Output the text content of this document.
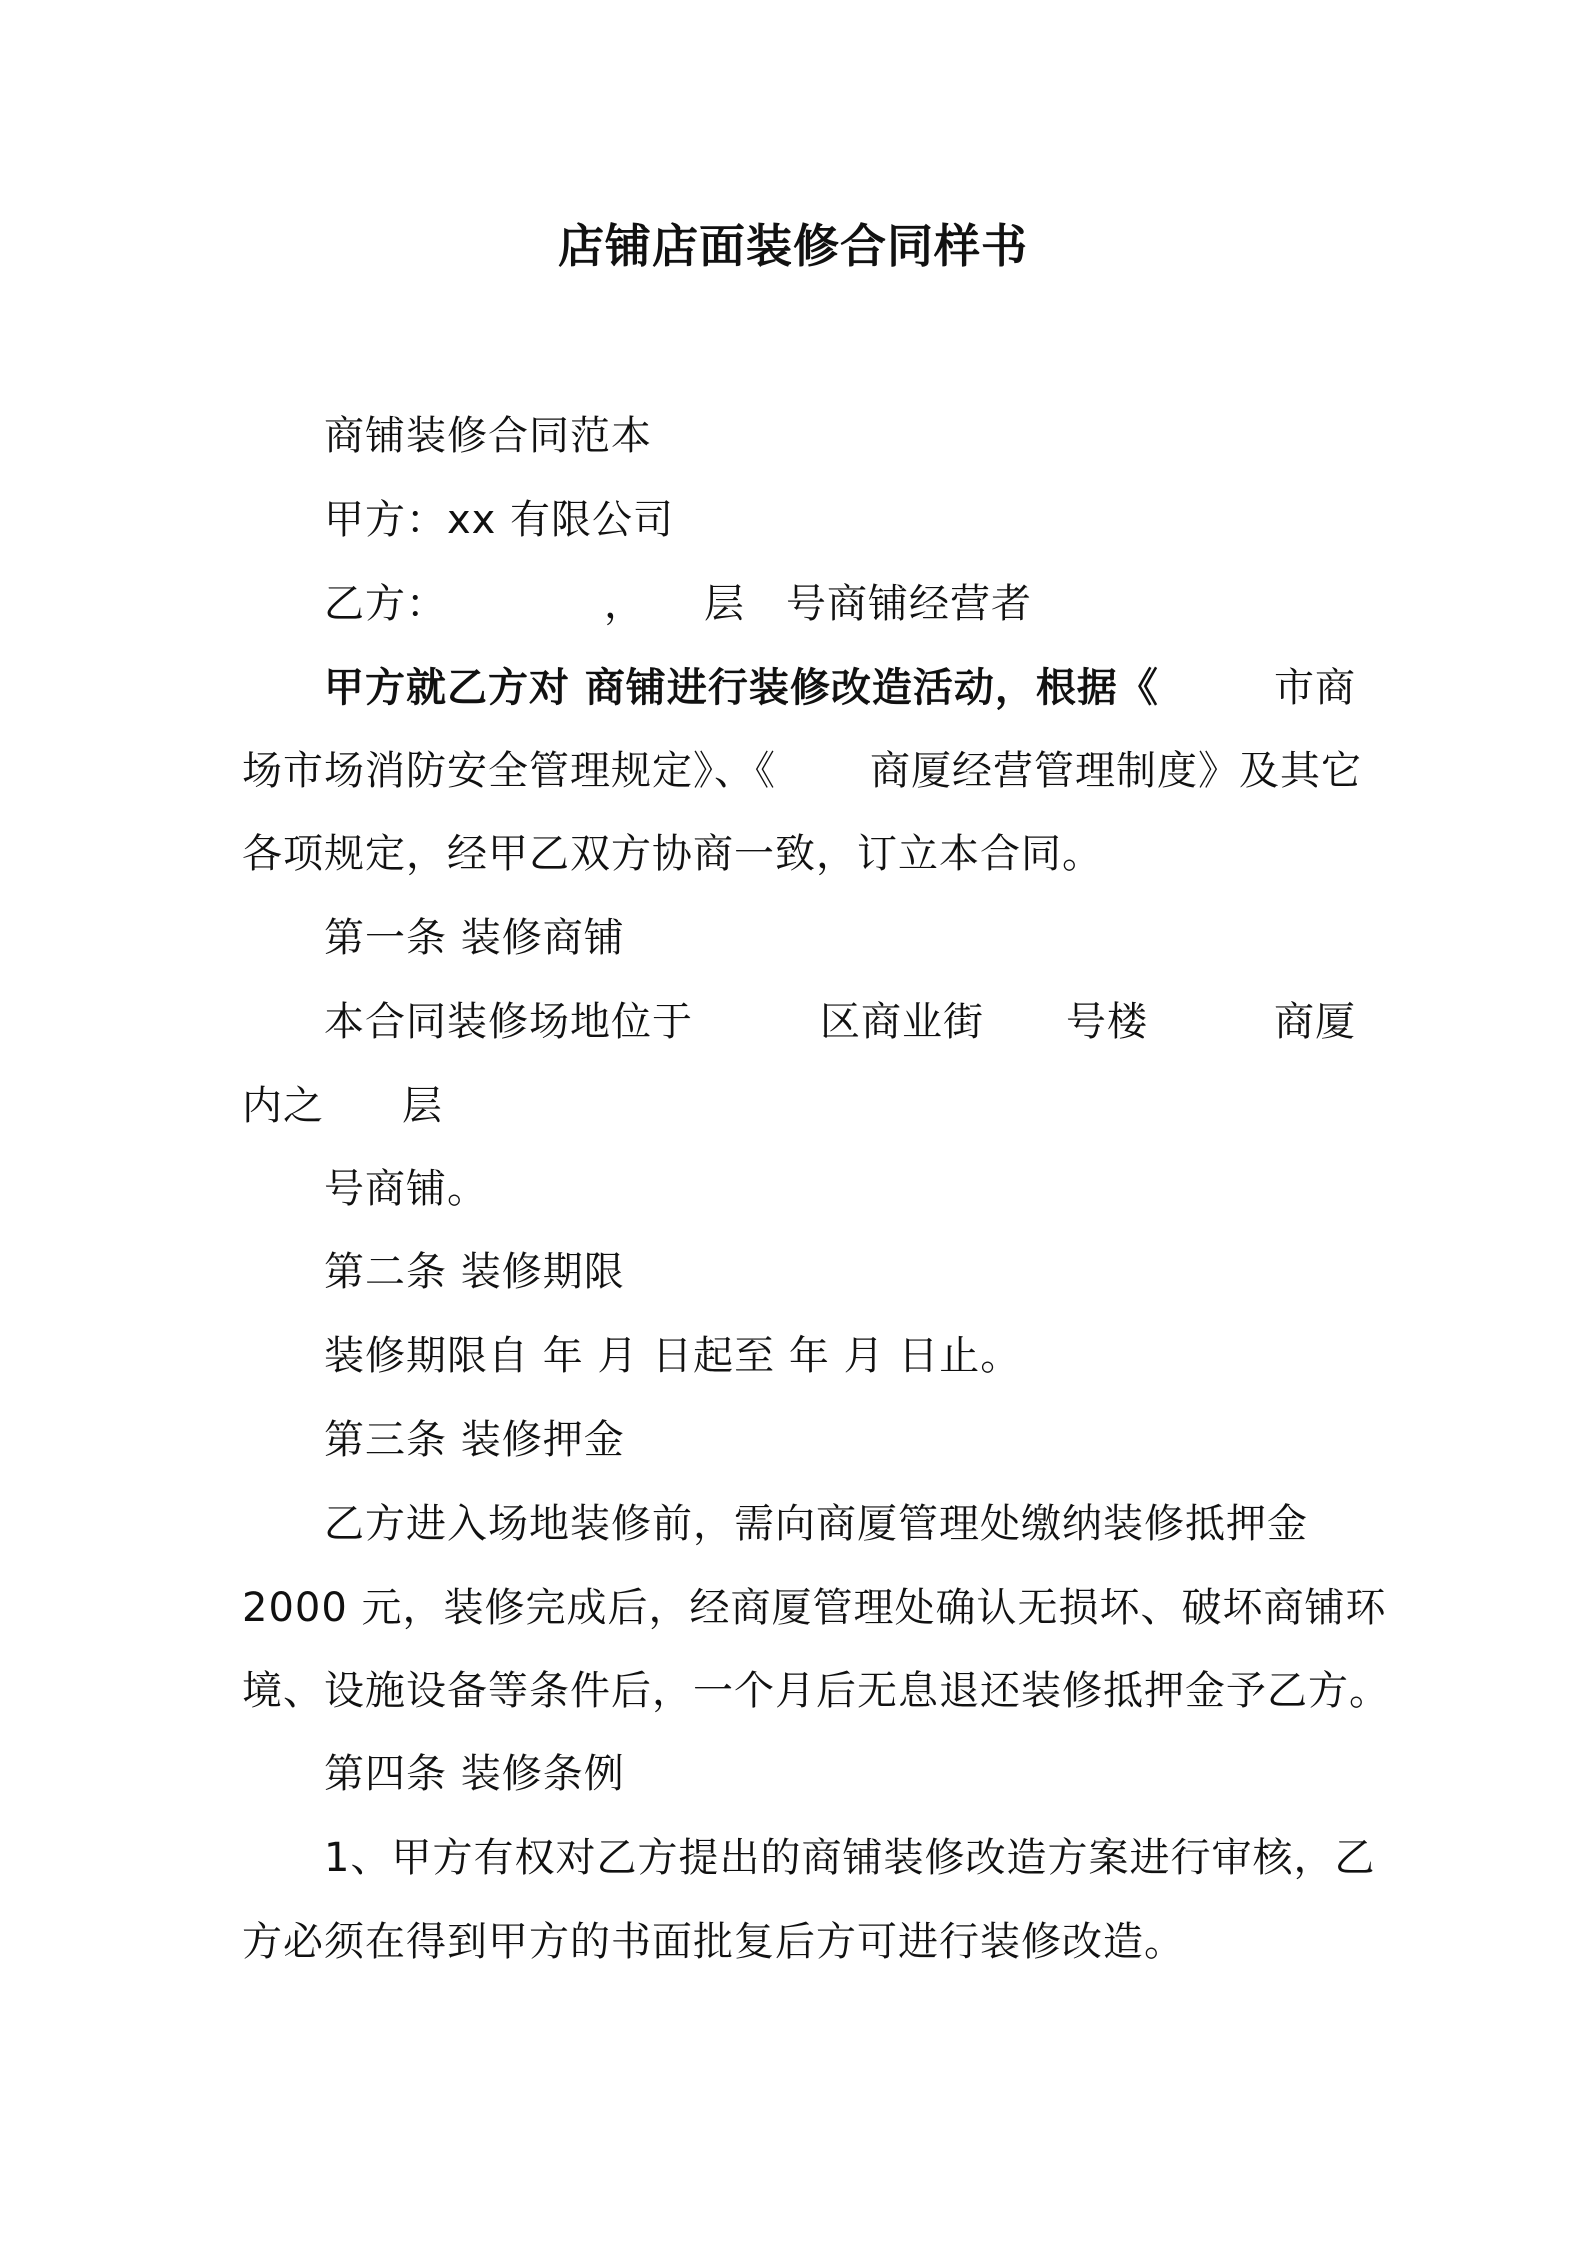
店铺店面装修合同样书
商铺装修合同范本
甲方：xx 有限公司
乙方：	， 层 号商铺经营者
甲方就乙方对 商铺进行装修改造活动，根据《	市商
场市场消防安全管理规定》、《 商厦经营管理制度》及其它
各项规定，经甲乙双方协商一致，订立本合同。
第一条 装修商铺
本合同装修场地位于	区商业街 号楼	商厦
内之 层
号商铺。
第二条 装修期限
装修期限自 年 月 日起至 年 月 日止。
第三条 装修押金
乙方进入场地装修前，需向商厦管理处缴纳装修抵押金
2000 元，装修完成后，经商厦管理处确认无损坏、破坏商铺环
境、设施设备等条件后，一个月后无息退还装修抵押金予乙方。
第四条 装修条例
1、甲方有权对乙方提出的商铺装修改造方案进行审核，乙
方必须在得到甲方的书面批复后方可进行装修改造。
